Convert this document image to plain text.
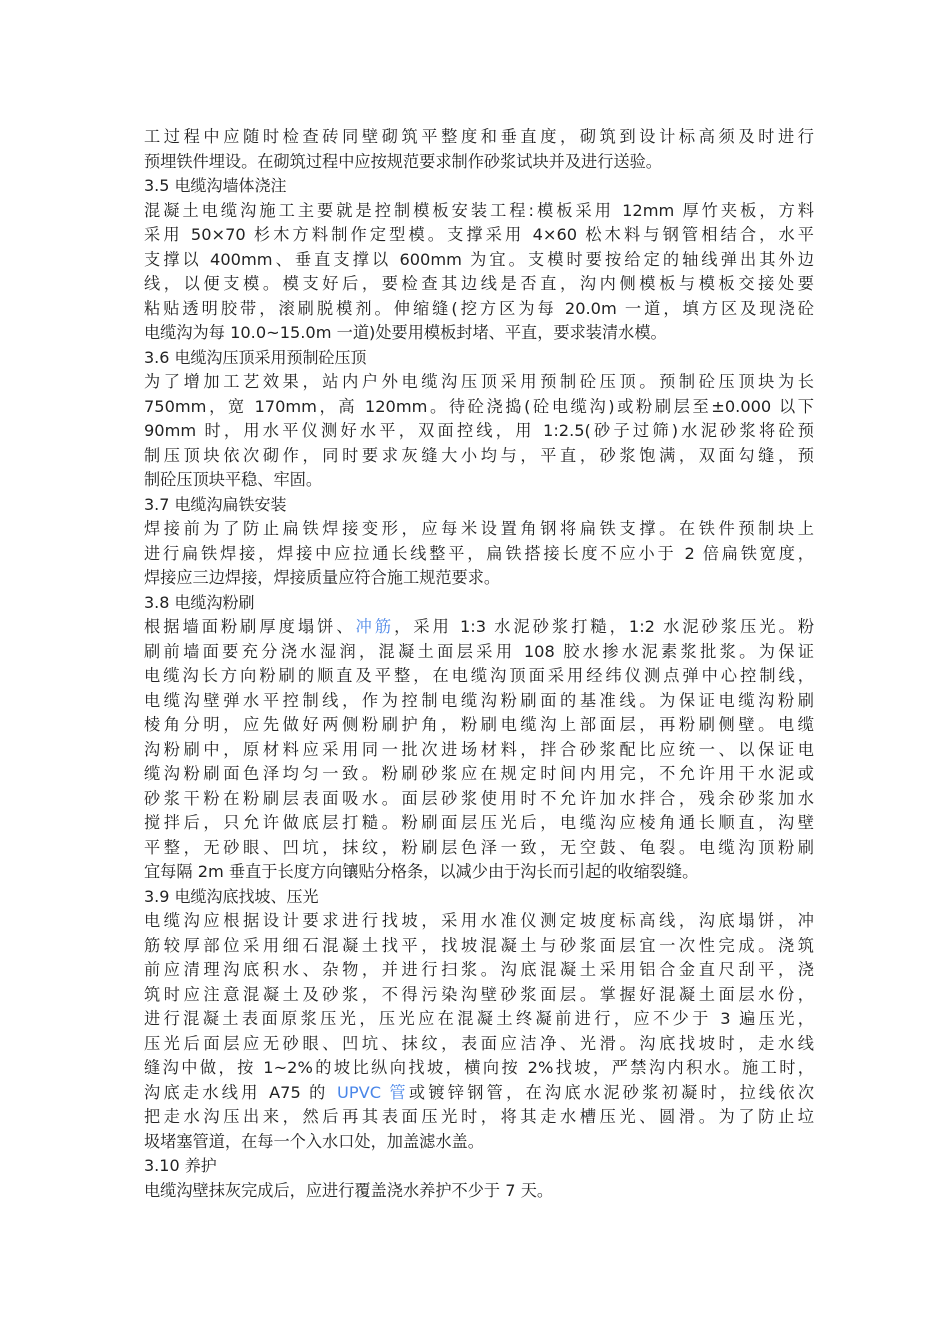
工过程中应随时检查砖同壁砌筑平整度和垂直度，砌筑到设计标高须及时进行
预埋铁件埋设。在砌筑过程中应按规范要求制作砂浆试块并及进行送验。
3.5 电缆沟墙体浇注
混凝土电缆沟施工主要就是控制模板安装工程:模板采用 12mm 厚竹夹板，方料
采用 50×70 杉木方料制作定型模。支撑采用 4×60 松木料与钢管相结合，水平
支撑以 400mm、垂直支撑以 600mm 为宜。支模时要按给定的轴线弹出其外边
线，以便支模。模支好后，要检查其边线是否直，沟内侧模板与模板交接处要
粘贴透明胶带，滚刷脱模剂。伸缩缝(挖方区为每 20.0m 一道，填方区及现浇砼
电缆沟为每 10.0~15.0m 一道)处要用模板封堵、平直，要求装清水模。
3.6 电缆沟压顶采用预制砼压顶
为了增加工艺效果，站内户外电缆沟压顶采用预制砼压顶。预制砼压顶块为长
750mm，宽 170mm，高 120mm。待砼浇捣(砼电缆沟)或粉刷层至±0.000 以下
90mm 时，用水平仪测好水平，双面控线，用 1:2.5(砂子过筛)水泥砂浆将砼预
制压顶块依次砌作，同时要求灰缝大小均与，平直，砂浆饱满，双面勾缝，预
制砼压顶块平稳、牢固。
3.7 电缆沟扁铁安装
焊接前为了防止扁铁焊接变形，应每米设置角钢将扁铁支撑。在铁件预制块上
进行扁铁焊接，焊接中应拉通长线整平，扁铁搭接长度不应小于 2 倍扁铁宽度，
焊接应三边焊接，焊接质量应符合施工规范要求。
3.8 电缆沟粉刷
根据墙面粉刷厚度塌饼、冲筋，采用 1:3 水泥砂浆打糙，1:2 水泥砂浆压光。粉
刷前墙面要充分浇水湿润，混凝土面层采用 108 胶水掺水泥素浆批浆。为保证
电缆沟长方向粉刷的顺直及平整，在电缆沟顶面采用经纬仪测点弹中心控制线，
电缆沟壁弹水平控制线，作为控制电缆沟粉刷面的基准线。为保证电缆沟粉刷
棱角分明，应先做好两侧粉刷护角，粉刷电缆沟上部面层，再粉刷侧壁。电缆
沟粉刷中，原材料应采用同一批次进场材料，拌合砂浆配比应统一、以保证电
缆沟粉刷面色泽均匀一致。粉刷砂浆应在规定时间内用完，不允许用干水泥或
砂浆干粉在粉刷层表面吸水。面层砂浆使用时不允许加水拌合，残余砂浆加水
搅拌后，只允许做底层打糙。粉刷面层压光后，电缆沟应棱角通长顺直，沟壁
平整，无砂眼、凹坑，抹纹，粉刷层色泽一致，无空鼓、龟裂。电缆沟顶粉刷
宜每隔 2m 垂直于长度方向镶贴分格条，以减少由于沟长而引起的收缩裂缝。
3.9 电缆沟底找坡、压光
电缆沟应根据设计要求进行找坡，采用水准仪测定坡度标高线，沟底塌饼，冲
筋较厚部位采用细石混凝土找平，找坡混凝土与砂浆面层宜一次性完成。浇筑
前应清理沟底积水、杂物，并进行扫浆。沟底混凝土采用铝合金直尺刮平，浇
筑时应注意混凝土及砂浆，不得污染沟壁砂浆面层。掌握好混凝土面层水份，
进行混凝土表面原浆压光，压光应在混凝土终凝前进行，应不少于 3 遍压光，
压光后面层应无砂眼、凹坑、抹纹，表面应洁净、光滑。沟底找坡时，走水线
缝沟中做，按 1~2%的坡比纵向找坡，横向按 2%找坡，严禁沟内积水。施工时，
沟底走水线用 A75 的 UPVC 管或镀锌钢管，在沟底水泥砂浆初凝时，拉线依次
把走水沟压出来，然后再其表面压光时，将其走水槽压光、圆滑。为了防止垃
圾堵塞管道，在每一个入水口处，加盖滤水盖。
3.10 养护
电缆沟壁抹灰完成后，应进行覆盖浇水养护不少于 7 天。
